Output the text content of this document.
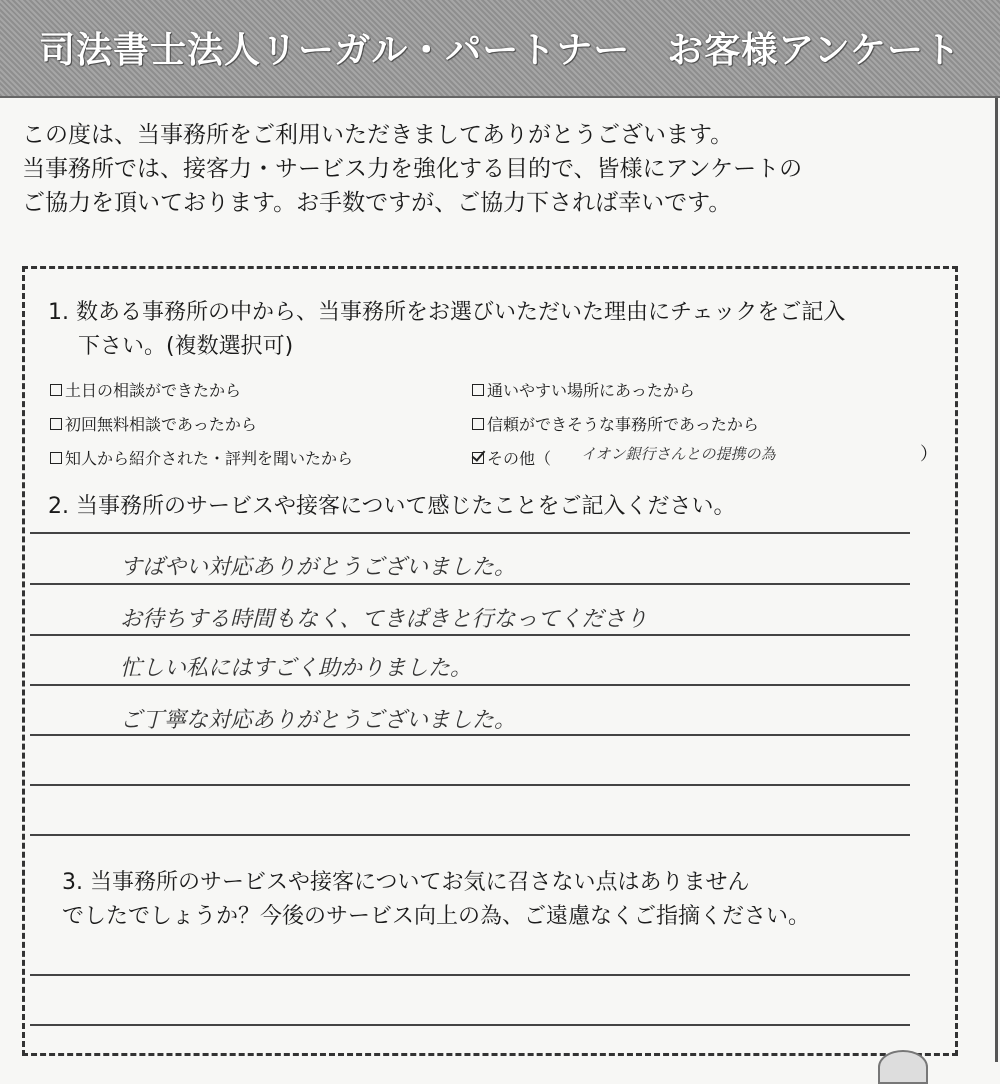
司法書士法人リーガル・パートナー　お客様アンケート
この度は、当事務所をご利用いただきましてありがとうございます。
当事務所では、接客力・サービス力を強化する目的で、皆様にアンケートの
ご協力を頂いております。お手数ですが、ご協力下されば幸いです。
1. 数ある事務所の中から、当事務所をお選びいただいた理由にチェックをご記入
下さい。(複数選択可)
土日の相談ができたから	通いやすい場所にあったから
初回無料相談であったから	信頼ができそうな事務所であったから
知人から紹介された・評判を聞いたから	その他（ イオン銀行さんとの提携の為	）
2. 当事務所のサービスや接客について感じたことをご記入ください。
すばやい対応ありがとうございました。
お待ちする時間もなく、てきぱきと行なってくださり
忙しい私にはすごく助かりました。
ご丁寧な対応ありがとうございました。
3. 当事務所のサービスや接客についてお気に召さない点はありません
でしたでしょうか？今後のサービス向上の為、ご遠慮なくご指摘ください。
